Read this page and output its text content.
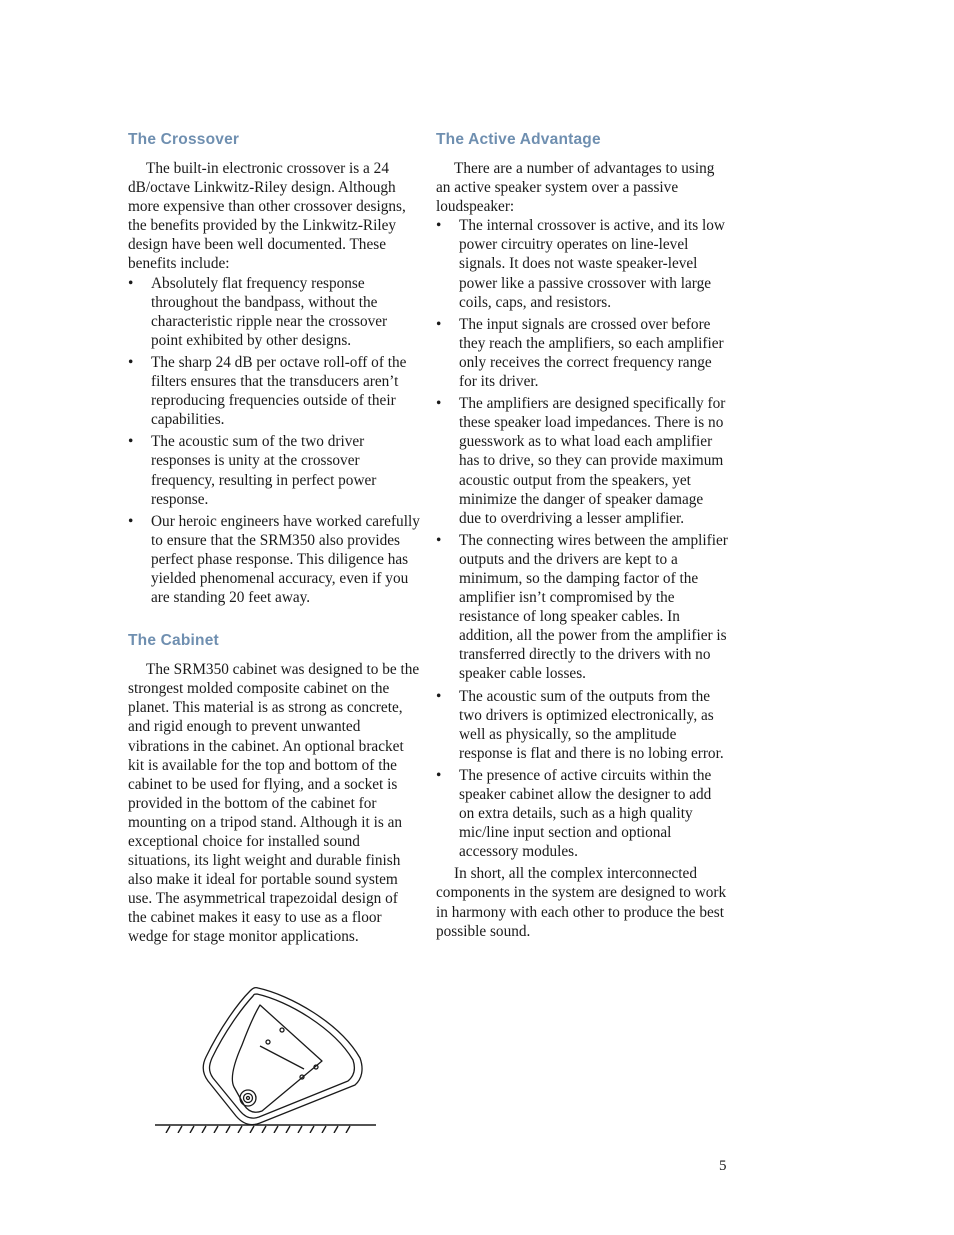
The Crossover

The built-in electronic crossover is a 24 dB/octave Linkwitz-Riley design. Although more expensive than other crossover designs, the benefits provided by the Linkwitz-Riley design have been well documented. These benefits include:

• Absolutely flat frequency response throughout the bandpass, without the characteristic ripple near the crossover point exhibited by other designs.
• The sharp 24 dB per octave roll-off of the filters ensures that the transducers aren’t reproducing frequencies outside of their capabilities.
• The acoustic sum of the two driver responses is unity at the crossover frequency, resulting in perfect power response.
• Our heroic engineers have worked carefully to ensure that the SRM350 also provides perfect phase response. This diligence has yielded phenomenal accuracy, even if you are standing 20 feet away.
The Cabinet

The SRM350 cabinet was designed to be the strongest molded composite cabinet on the planet. This material is as strong as concrete, and rigid enough to prevent unwanted vibrations in the cabinet. An optional bracket kit is available for the top and bottom of the cabinet to be used for flying, and a socket is provided in the bottom of the cabinet for mounting on a tripod stand. Although it is an exceptional choice for installed sound situations, its light weight and durable finish also make it ideal for portable sound system use. The asymmetrical trapezoidal design of the cabinet makes it easy to use as a floor wedge for stage monitor applications.

The Active Advantage

There are a number of advantages to using an active speaker system over a passive loudspeaker:

• The internal crossover is active, and its low power circuitry operates on line-level signals. It does not waste speaker-level power like a passive crossover with large coils, caps, and resistors.
• The input signals are crossed over before they reach the amplifiers, so each amplifier only receives the correct frequency range for its driver.
• The amplifiers are designed specifically for these speaker load impedances. There is no guesswork as to what load each amplifier has to drive, so they can provide maximum acoustic output from the speakers, yet minimize the danger of speaker damage due to overdriving a lesser amplifier.
• The connecting wires between the amplifier outputs and the drivers are kept to a minimum, so the damping factor of the amplifier isn’t compromised by the resistance of long speaker cables. In addition, all the power from the amplifier is transferred directly to the drivers with no speaker cable losses.
• The acoustic sum of the outputs from the two drivers is optimized electronically, as well as physically, so the amplitude response is flat and there is no lobing error.
• The presence of active circuits within the speaker cabinet allow the designer to add on extra details, such as a high quality mic/line input section and optional accessory modules.

In short, all the complex interconnected components in the system are designed to work in harmony with each other to produce the best possible sound.

5
